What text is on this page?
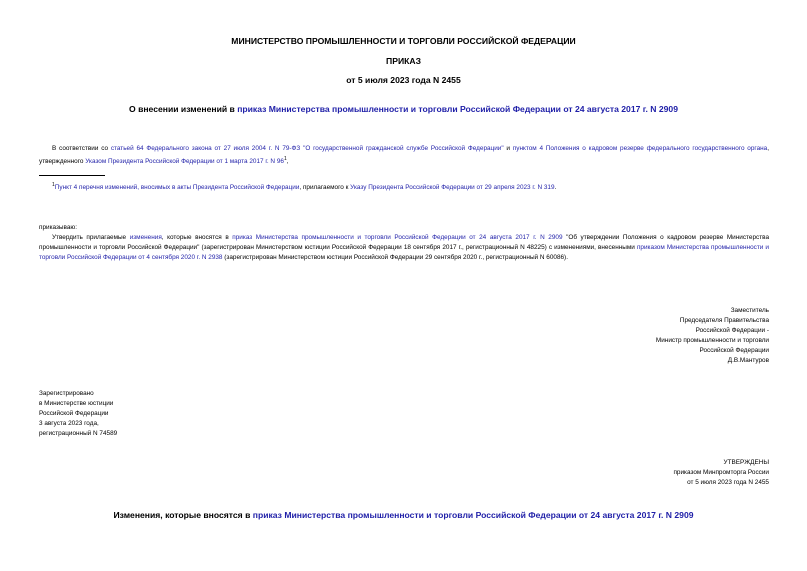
МИНИСТЕРСТВО ПРОМЫШЛЕННОСТИ И ТОРГОВЛИ РОССИЙСКОЙ ФЕДЕРАЦИИ
ПРИКАЗ
от 5 июля 2023 года N 2455
О внесении изменений в приказ Министерства промышленности и торговли Российской Федерации от 24 августа 2017 г. N 2909
В соответствии со статьей 64 Федерального закона от 27 июля 2004 г. N 79-ФЗ "О государственной гражданской службе Российской Федерации" и пунктом 4 Положения о кадровом резерве федерального государственного органа, утвержденного Указом Президента Российской Федерации от 1 марта 2017 г. N $96^1$,
$^1$Пункт 4 перечня изменений, вносимых в акты Президента Российской Федерации, прилагаемого к Указу Президента Российской Федерации от 29 апреля 2023 г. N 319.
приказываю:
Утвердить прилагаемые изменения, которые вносятся в приказ Министерства промышленности и торговли Российской Федерации от 24 августа 2017 г. N 2909 "Об утверждении Положения о кадровом резерве Министерства промышленности и торговли Российской Федерации" (зарегистрирован Министерством юстиции Российской Федерации 18 сентября 2017 г., регистрационный N 48225) с изменениями, внесенными приказом Министерства промышленности и торговли Российской Федерации от 4 сентября 2020 г. N 2938 (зарегистрирован Министерством юстиции Российской Федерации 29 сентября 2020 г., регистрационный N 60086).
Заместитель
Председателя Правительства
Российской Федерации -
Министр промышленности и торговли
Российской Федерации
Д.В.Мантуров
Зарегистрировано
в Министерстве юстиции
Российской Федерации
3 августа 2023 года,
регистрационный N 74589
УТВЕРЖДЕНЫ
приказом Минпромторга России
от 5 июля 2023 года N 2455
Изменения, которые вносятся в приказ Министерства промышленности и торговли Российской Федерации от 24 августа 2017 г. N 2909
